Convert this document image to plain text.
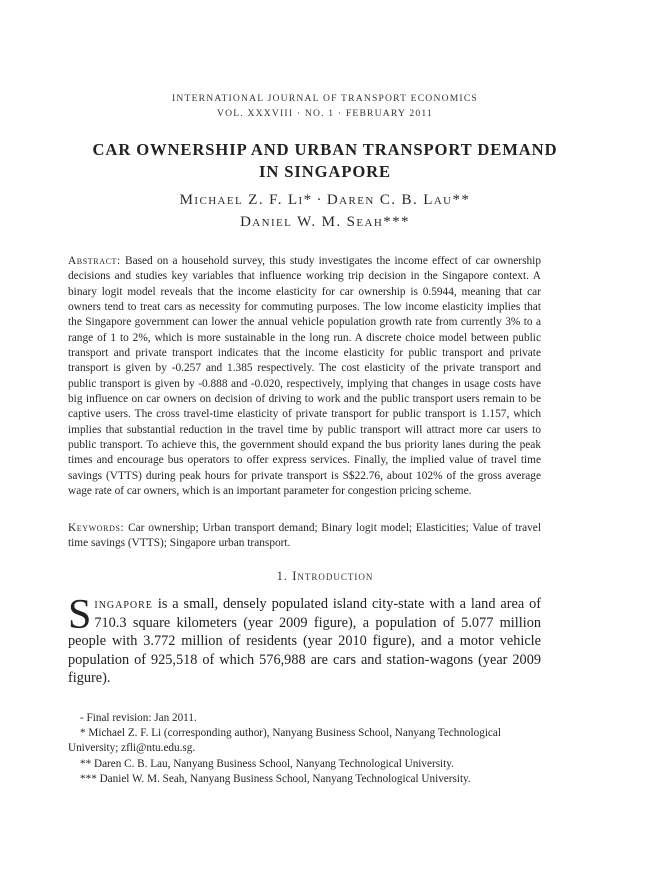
INTERNATIONAL JOURNAL OF TRANSPORT ECONOMICS
VOL. XXXVIII · NO. 1 · FEBRUARY 2011
CAR OWNERSHIP AND URBAN TRANSPORT DEMAND
IN SINGAPORE
Michael Z. F. Li* · Daren C. B. Lau**
Daniel W. M. Seah***
Abstract: Based on a household survey, this study investigates the income effect of car ownership decisions and studies key variables that influence working trip decision in the Singapore context. A binary logit model reveals that the income elasticity for car ownership is 0.5944, meaning that car owners tend to treat cars as necessity for commuting purposes. The low income elasticity implies that the Singapore government can lower the annual vehicle population growth rate from currently 3% to a range of 1 to 2%, which is more sustainable in the long run. A discrete choice model between public transport and private transport indicates that the income elasticity for public transport and private transport is given by -0.257 and 1.385 respectively. The cost elasticity of the private transport and public transport is given by -0.888 and -0.020, respectively, implying that changes in usage costs have big influence on car owners on decision of driving to work and the public transport users remain to be captive users. The cross travel-time elasticity of private transport for public transport is 1.157, which implies that substantial reduction in the travel time by public transport will attract more car users to public transport. To achieve this, the government should expand the bus priority lanes during the peak times and encourage bus operators to offer express services. Finally, the implied value of travel time savings (VTTS) during peak hours for private transport is S$22.76, about 102% of the gross average wage rate of car owners, which is an important parameter for congestion pricing scheme.
Keywords: Car ownership; Urban transport demand; Binary logit model; Elasticities; Value of travel time savings (VTTS); Singapore urban transport.
1. Introduction
Singapore is a small, densely populated island city-state with a land area of 710.3 square kilometers (year 2009 figure), a population of 5.077 million people with 3.772 million of residents (year 2010 figure), and a motor vehicle population of 925,518 of which 576,988 are cars and station-wagons (year 2009 figure).

- Final revision: Jan 2011.

* Michael Z. F. Li (corresponding author), Nanyang Business School, Nanyang Technological University; zfli@ntu.edu.sg.

** Daren C. B. Lau, Nanyang Business School, Nanyang Technological University.

*** Daniel W. M. Seah, Nanyang Business School, Nanyang Technological University.
